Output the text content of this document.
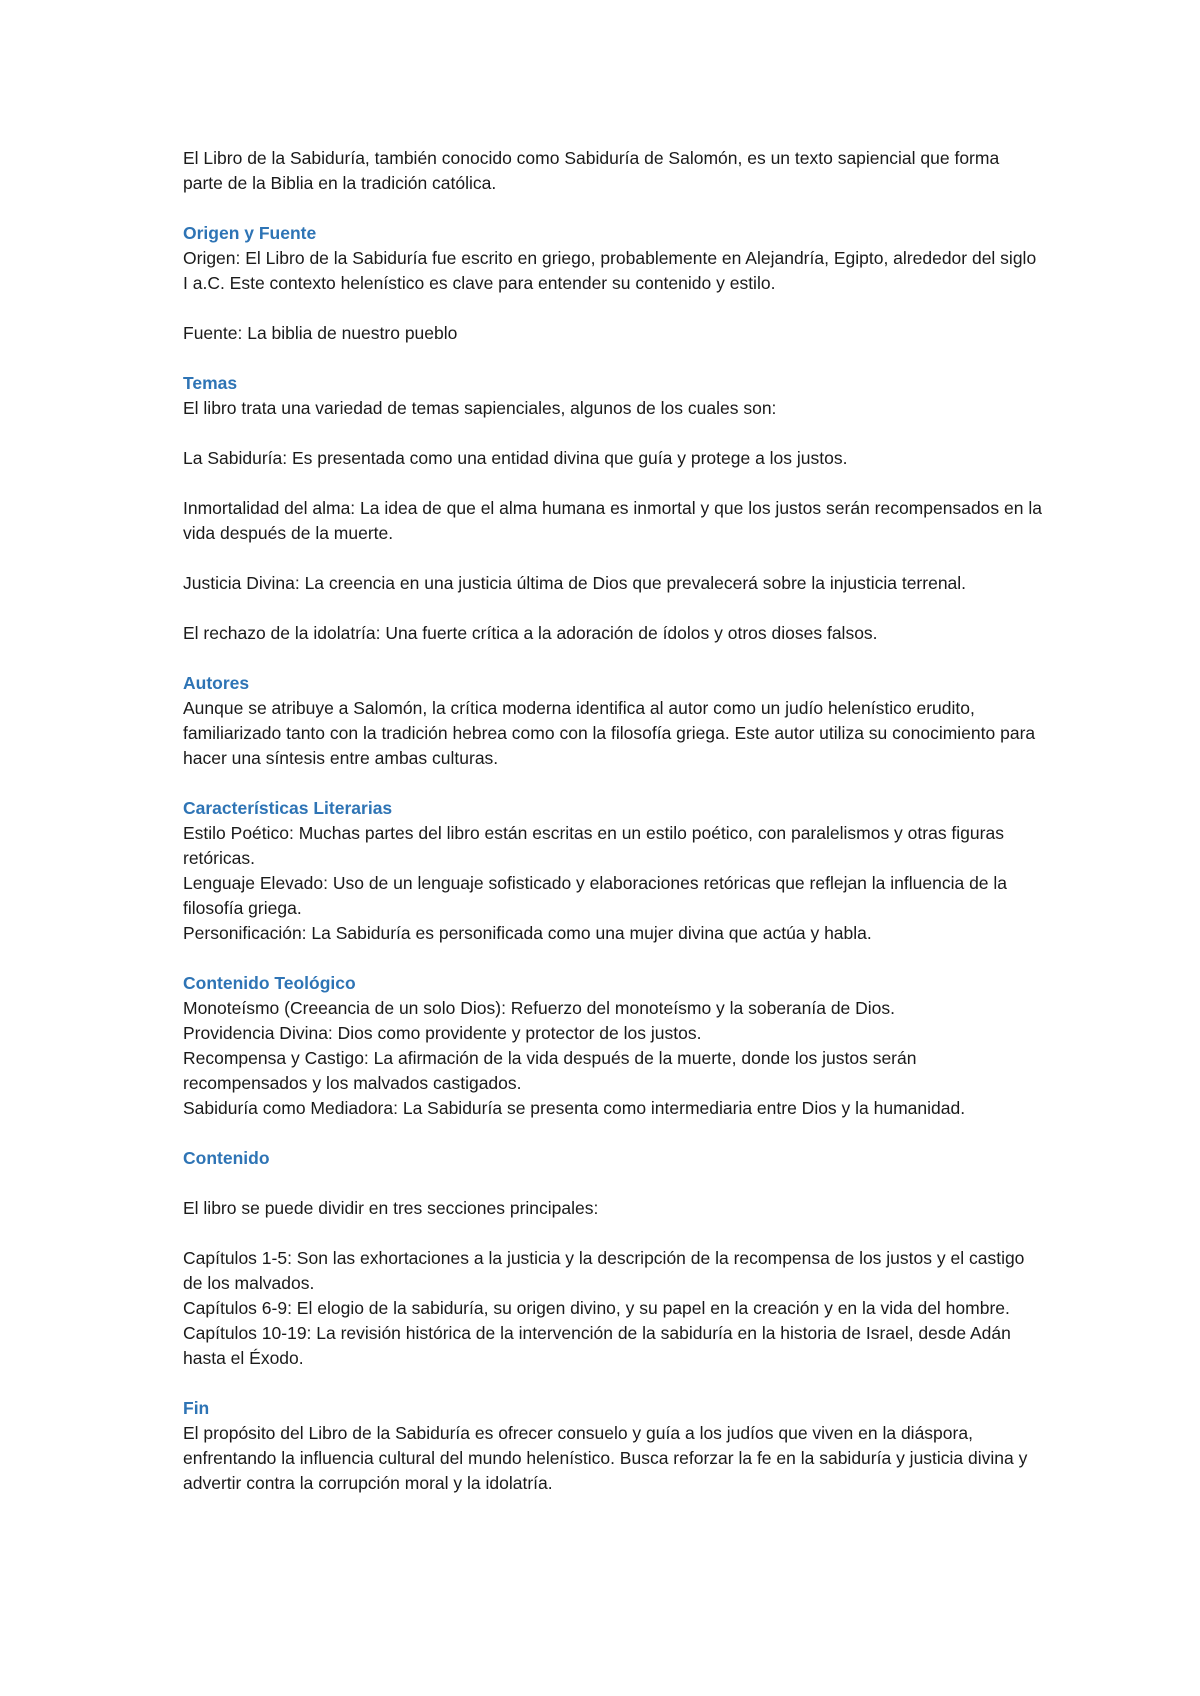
El Libro de la Sabiduría, también conocido como Sabiduría de Salomón, es un texto sapiencial que forma parte de la Biblia en la tradición católica.

Origen y Fuente

Origen: El Libro de la Sabiduría fue escrito en griego, probablemente en Alejandría, Egipto, alrededor del siglo I a.C. Este contexto helenístico es clave para entender su contenido y estilo.

Fuente: La biblia de nuestro pueblo

Temas

El libro trata una variedad de temas sapienciales, algunos de los cuales son:

La Sabiduría: Es presentada como una entidad divina que guía y protege a los justos.

Inmortalidad del alma: La idea de que el alma humana es inmortal y que los justos serán recompensados en la vida después de la muerte.

Justicia Divina: La creencia en una justicia última de Dios que prevalecerá sobre la injusticia terrenal.

El rechazo de la idolatría: Una fuerte crítica a la adoración de ídolos y otros dioses falsos.

Autores

Aunque se atribuye a Salomón, la crítica moderna identifica al autor como un judío helenístico erudito, familiarizado tanto con la tradición hebrea como con la filosofía griega. Este autor utiliza su conocimiento para hacer una síntesis entre ambas culturas.

Características Literarias

Estilo Poético: Muchas partes del libro están escritas en un estilo poético, con paralelismos y otras figuras retóricas.

Lenguaje Elevado: Uso de un lenguaje sofisticado y elaboraciones retóricas que reflejan la influencia de la filosofía griega.

Personificación: La Sabiduría es personificada como una mujer divina que actúa y habla.

Contenido Teológico

Monoteísmo (Creeancia de un solo Dios): Refuerzo del monoteísmo y la soberanía de Dios.

Providencia Divina: Dios como providente y protector de los justos.

Recompensa y Castigo: La afirmación de la vida después de la muerte, donde los justos serán recompensados y los malvados castigados.

Sabiduría como Mediadora: La Sabiduría se presenta como intermediaria entre Dios y la humanidad.

Contenido

El libro se puede dividir en tres secciones principales:

Capítulos 1-5: Son las exhortaciones a la justicia y la descripción de la recompensa de los justos y el castigo de los malvados.

Capítulos 6-9: El elogio de la sabiduría, su origen divino, y su papel en la creación y en la vida del hombre.

Capítulos 10-19: La revisión histórica de la intervención de la sabiduría en la historia de Israel, desde Adán hasta el Éxodo.

Fin

El propósito del Libro de la Sabiduría es ofrecer consuelo y guía a los judíos que viven en la diáspora, enfrentando la influencia cultural del mundo helenístico. Busca reforzar la fe en la sabiduría y justicia divina y advertir contra la corrupción moral y la idolatría.
